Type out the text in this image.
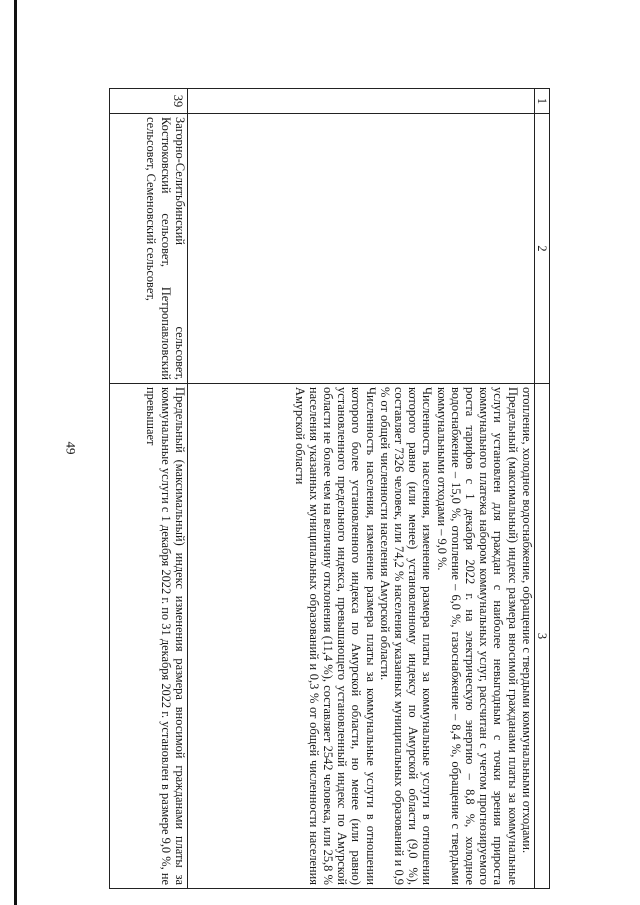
49
1	2	3

		отопление, холодное водоснабжение, обращение с твердыми коммунальными отходами.

Предельный (максимальный) индекс размера вносимой гражданами платы за коммунальные услуги установлен для граждан с наиболее невыгодным с точки зрения прироста коммунального платежа набором коммунальных услуг, рассчитан с учетом прогнозируемого роста тарифов с 1 декабря 2022 г. на электрическую энергию – 8,8 %, холодное водоснабжение – 15,0 %, отопление – 6,0 %, газоснабжение – 8,4 %, обращение с твердыми коммунальными отходами – 9,0 %.

Численность населения, изменение размера платы за коммунальные услуги в отношении которого равно (или менее) установленному индексу по Амурской области (9,0 %), составляет 7326 человек, или 74,2 % населения указанных муниципальных образований и 0,9 % от общей численности населения Амурской области.

Численность населения, изменение размера платы за коммунальные услуги в отношении которого более установленного индекса по Амурской области, но менее (или равно) установленного предельного индекса, превышающего установленный индекс по Амурской области не более чем на величину отклонения (11,4 %), составляет 2542 человека, или 25,8 % населения указанных муниципальных образований и 0,3 % от общей численности населения Амурской области

39	Загорно-Селитьбинский сельсовет, Костюковский сельсовет, Петропавловский сельсовет, Семеновский сельсовет,	Предельный (максимальный) индекс изменения размера вносимой гражданами платы за коммунальные услуги с 1 декабря 2022 г. по 31 декабря 2022 г. установлен в размере 9,0 %, не превышает
